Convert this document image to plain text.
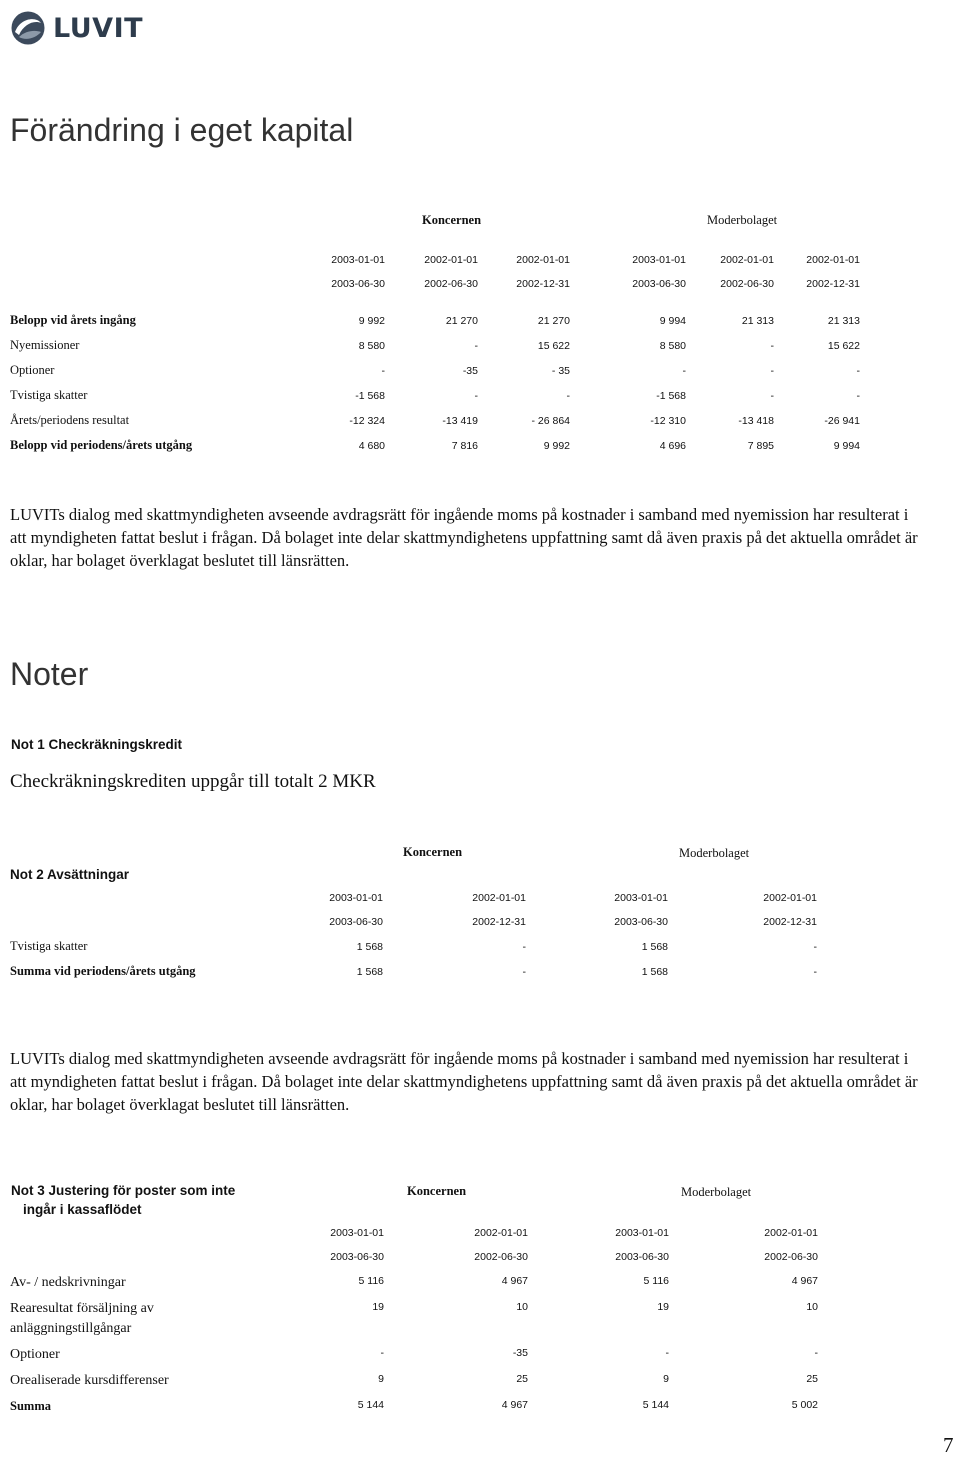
LUVIT
Förändring i eget kapital
Koncernen	Moderbolaget
2003-01-01	2002-01-01	2002-01-01	2003-01-01	2002-01-01	2002-01-01
2003-06-30	2002-06-30	2002-12-31	2003-06-30	2002-06-30	2002-12-31
Belopp vid årets ingång	9 992	21 270	21 270	9 994	21 313	21 313
Nyemissioner	8 580	-	15 622	8 580	-	15 622
Optioner	-	-35	- 35	-	-	-
Tvistiga skatter	-1 568	-	-	-1 568	-	-
Årets/periodens resultat	-12 324	-13 419	- 26 864	-12 310	-13 418	-26 941
Belopp vid periodens/årets utgång	4 680	7 816	9 992	4 696	7 895	9 994

LUVITs dialog med skattmyndigheten avseende avdragsrätt för ingående moms på kostnader i samband med nyemission har resulterat i att myndigheten fattat beslut i frågan. Då bolaget inte delar skattmyndighetens uppfattning samt då även praxis på det aktuella området är oklar, har bolaget överklagat beslutet till länsrätten.

Noter
Not 1 Checkräkningskredit
Checkräkningskrediten uppgår till totalt 2 MKR
Koncernen	Moderbolaget
Not 2 Avsättningar
2003-01-01	2002-01-01	2003-01-01	2002-01-01
2003-06-30	2002-12-31	2003-06-30	2002-12-31
Tvistiga skatter	1 568	-	1 568	-
Summa vid periodens/årets utgång	1 568	-	1 568	-

LUVITs dialog med skattmyndigheten avseende avdragsrätt för ingående moms på kostnader i samband med nyemission har resulterat i att myndigheten fattat beslut i frågan. Då bolaget inte delar skattmyndighetens uppfattning samt då även praxis på det aktuella området är oklar, har bolaget överklagat beslutet till länsrätten.

Not 3 Justering för poster som inte
ingår i kassaflödet
Koncernen	Moderbolaget
2003-01-01	2002-01-01	2003-01-01	2002-01-01
2003-06-30	2002-06-30	2003-06-30	2002-06-30
Av- / nedskrivningar	5 116	4 967	5 116	4 967
Rearesultat försäljning av
anläggningstillgångar
19	10	19	10
Optioner	-	-35	-	-
Orealiserade kursdifferenser	9	25	9	25
Summa	5 144	4 967	5 144	5 002
7
